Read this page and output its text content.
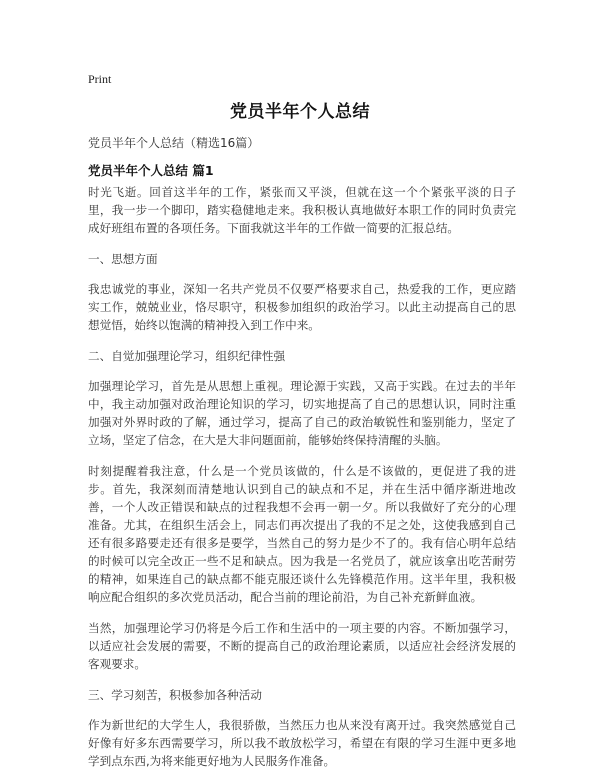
Print
党员半年个人总结
党员半年个人总结（精选16篇）
党员半年个人总结 篇1

时光飞逝。回首这半年的工作，紧张而又平淡，但就在这一个个紧张平淡的日子里，我一步一个脚印，踏实稳健地走来。我积极认真地做好本职工作的同时负责完成好班组布置的各项任务。下面我就这半年的工作做一简要的汇报总结。

一、思想方面

我忠诚党的事业，深知一名共产党员不仅要严格要求自己，热爱我的工作，更应踏实工作，兢兢业业，恪尽职守，积极参加组织的政治学习。以此主动提高自己的思想觉悟，始终以饱满的精神投入到工作中来。

二、自觉加强理论学习，组织纪律性强

加强理论学习，首先是从思想上重视。理论源于实践，又高于实践。在过去的半年中，我主动加强对政治理论知识的学习，切实地提高了自己的思想认识，同时注重加强对外界时政的了解，通过学习，提高了自己的政治敏锐性和鉴别能力，坚定了立场，坚定了信念，在大是大非问题面前，能够始终保持清醒的头脑。

时刻提醒着我注意，什么是一个党员该做的，什么是不该做的，更促进了我的进步。首先，我深刻而清楚地认识到自己的缺点和不足，并在生活中循序渐进地改善，一个人改正错误和缺点的过程我想不会再一朝一夕。所以我做好了充分的心理准备。尤其，在组织生活会上，同志们再次提出了我的不足之处，这使我感到自己还有很多路要走还有很多是要学，当然自己的努力是少不了的。我有信心明年总结的时候可以完全改正一些不足和缺点。因为我是一名党员了，就应该拿出吃苦耐劳的精神，如果连自己的缺点都不能克服还谈什么先锋模范作用。这半年里，我积极响应配合组织的多次党员活动，配合当前的理论前沿，为自己补充新鲜血液。

当然，加强理论学习仍将是今后工作和生活中的一项主要的内容。不断加强学习，以适应社会发展的需要，不断的提高自己的政治理论素质，以适应社会经济发展的客观要求。

三、学习刻苦，积极参加各种活动

作为新世纪的大学生人，我很骄傲，当然压力也从来没有离开过。我突然感觉自己好像有好多东西需要学习，所以我不敢放松学习，希望在有限的学习生涯中更多地学到点东西,为将来能更好地为人民服务作准备。
